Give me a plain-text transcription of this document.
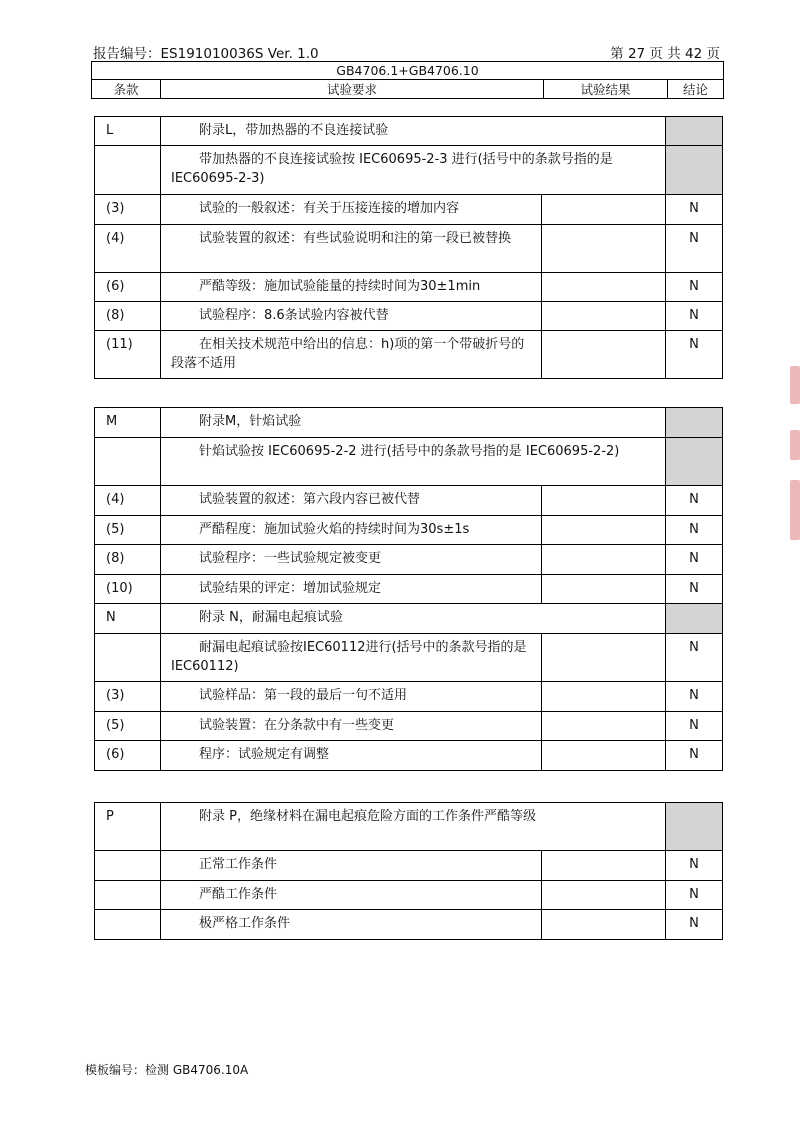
报告编号：ES191010036S Ver. 1.0	第 27 页 共 42 页
GB4706.1+GB4706.10
条款	试验要求	试验结果	结论
L	附录L，带加热器的不良连接试验		

	带加热器的不良连接试验按 IEC60695-2-3 进行(括号中的条款号指的是 IEC60695-2-3)		

(3)	试验的一般叙述：有关于压接连接的增加内容		N
(4)	试验装置的叙述：有些试验说明和注的第一段已被替换		N
(6)	严酷等级：施加试验能量的持续时间为30±1min		N
(8)	试验程序：8.6条试验内容被代替		N
(11)	在相关技术规范中给出的信息：h)项的第一个带破折号的段落不适用		N
M	附录M，针焰试验		

	针焰试验按 IEC60695-2-2 进行(括号中的条款号指的是 IEC60695-2-2)		

(4)	试验装置的叙述：第六段内容已被代替		N
(5)	严酷程度：施加试验火焰的持续时间为30s±1s		N
(8)	试验程序：一些试验规定被变更		N
(10)	试验结果的评定：增加试验规定		N
N	附录 N，耐漏电起痕试验		

	耐漏电起痕试验按IEC60112进行(括号中的条款号指的是IEC60112)		N
(3)	试验样品：第一段的最后一句不适用		N
(5)	试验装置：在分条款中有一些变更		N
(6)	程序：试验规定有调整		N
P	附录 P，绝缘材料在漏电起痕危险方面的工作条件严酷等级		

	正常工作条件		N

	严酷工作条件		N

	极严格工作条件		N
模板编号：检测 GB4706.10A
